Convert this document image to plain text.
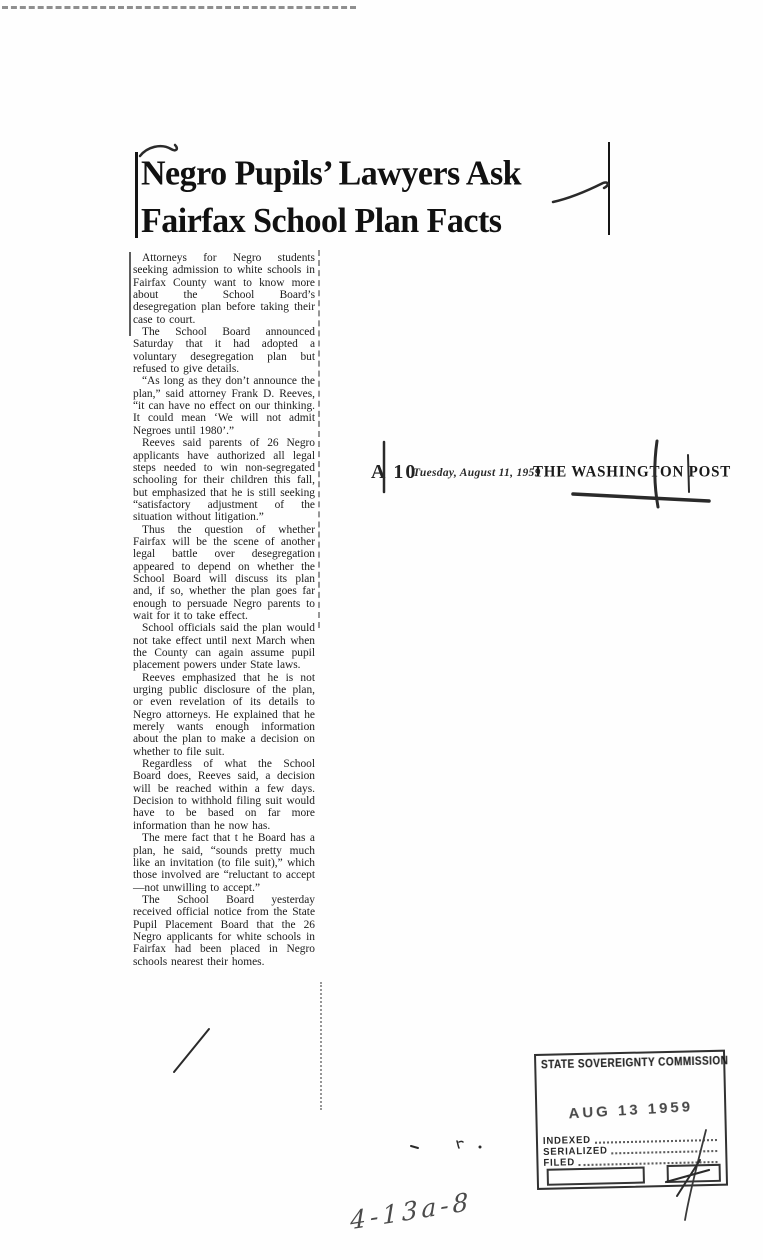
Negro Pupils’ Lawyers Ask
Fairfax School Plan Facts

Attorneys for Negro students seeking admission to white schools in Fairfax County want to know more about the School Board’s desegregation plan before taking their case to court.

The School Board announced Saturday that it had adopted a voluntary desegregation plan but refused to give details.

“As long as they don’t announce the plan,” said attorney Frank D. Reeves, “it can have no effect on our thinking. It could mean ‘We will not admit Negroes until 1980’.”

Reeves said parents of 26 Negro applicants have authorized all legal steps needed to win non-segregated schooling for their children this fall, but emphasized that he is still seeking “satisfactory adjustment of the situation without litigation.”

Thus the question of whether Fairfax will be the scene of another legal battle over desegregation appeared to depend on whether the School Board will discuss its plan and, if so, whether the plan goes far enough to persuade Negro parents to wait for it to take effect.

School officials said the plan would not take effect until next March when the County can again assume pupil placement powers under State laws.

Reeves emphasized that he is not urging public disclosure of the plan, or even revelation of its details to Negro attorneys. He explained that he merely wants enough information about the plan to make a decision on whether to file suit.

Regardless of what the School Board does, Reeves said, a decision will be reached within a few days. Decision to withhold filing suit would have to be based on far more information than he now has.

The mere fact that t he Board has a plan, he said, “sounds pretty much like an invitation (to file suit),” which those involved are “reluctant to accept—not unwilling to accept.”

The School Board yesterday received official notice from the State Pupil Placement Board that the 26 Negro applicants for white schools in Fairfax had been placed in Negro schools nearest their homes.

A 10
Tuesday, August 11, 1959
THE WASHINGTON POST
STATE SOVEREIGNTY COMMISSION
AUG 13 1959
INDEXED
SERIALIZED
FILED
4-13a-8
